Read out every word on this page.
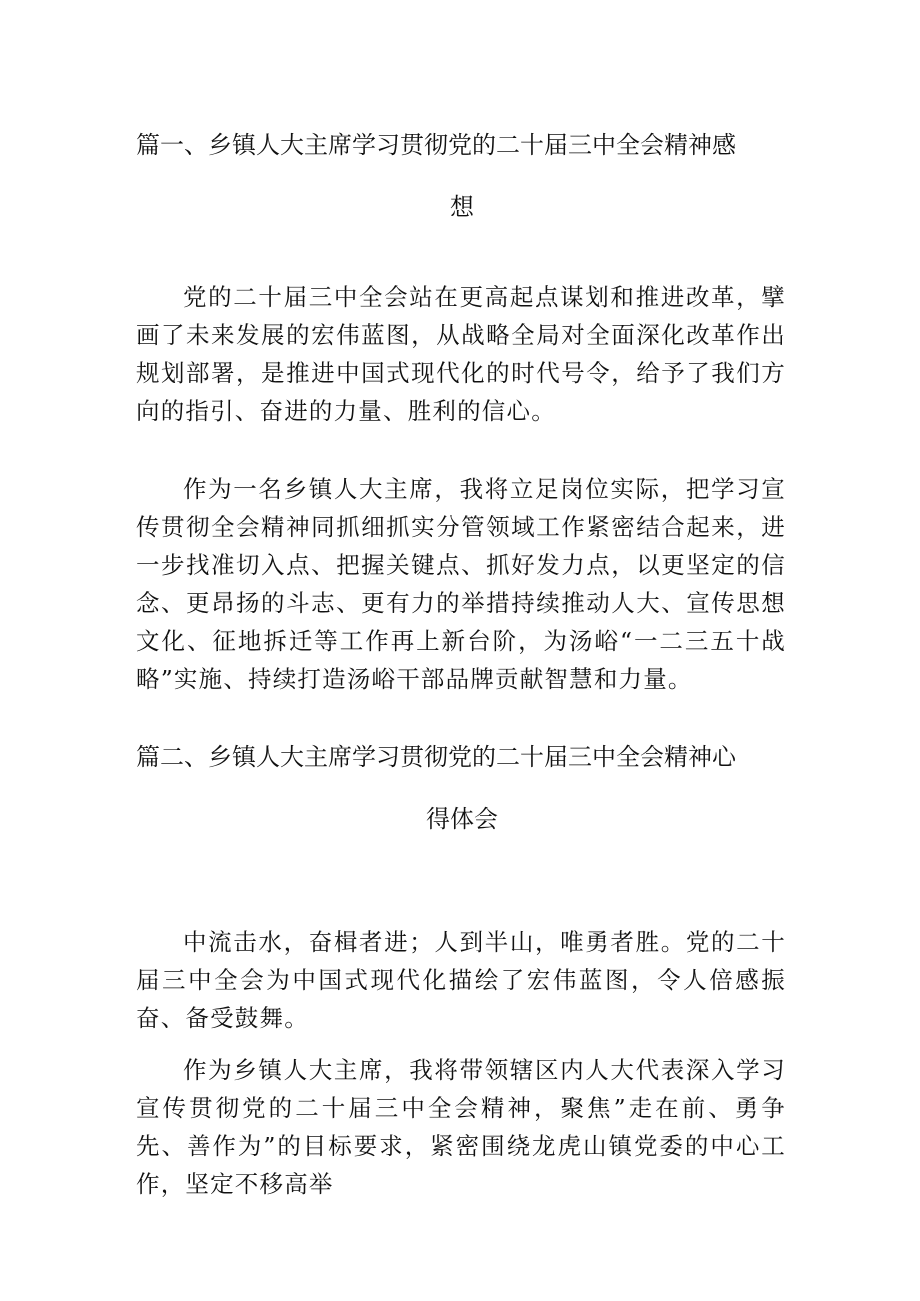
篇一、乡镇人大主席学习贯彻党的二十届三中全会精神感
想

党的二十届三中全会站在更高起点谋划和推进改革，擘画了未来发展的宏伟蓝图，从战略全局对全面深化改革作出规划部署，是推进中国式现代化的时代号令，给予了我们方向的指引、奋进的力量、胜利的信心。

作为一名乡镇人大主席，我将立足岗位实际，把学习宣传贯彻全会精神同抓细抓实分管领域工作紧密结合起来，进一步找准切入点、把握关键点、抓好发力点，以更坚定的信念、更昂扬的斗志、更有力的举措持续推动人大、宣传思想文化、征地拆迁等工作再上新台阶，为汤峪“一二三五十战略”实施、持续打造汤峪干部品牌贡献智慧和力量。

篇二、乡镇人大主席学习贯彻党的二十届三中全会精神心
得体会

中流击水，奋楫者进；人到半山，唯勇者胜。党的二十届三中全会为中国式现代化描绘了宏伟蓝图，令人倍感振奋、备受鼓舞。

作为乡镇人大主席，我将带领辖区内人大代表深入学习宣传贯彻党的二十届三中全会精神，聚焦”走在前、勇争先、善作为”的目标要求，紧密围绕龙虎山镇党委的中心工作，坚定不移高举
